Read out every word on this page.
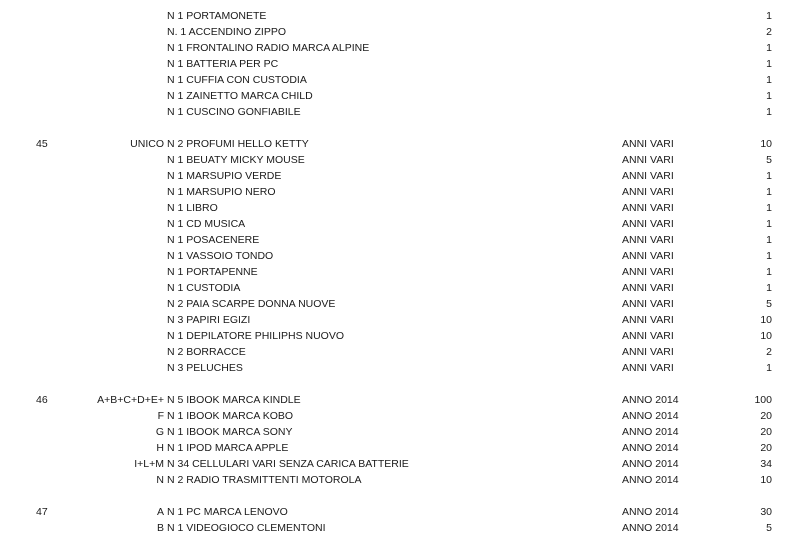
N 1 PORTAMONETE	1
N. 1 ACCENDINO ZIPPO	2
N 1 FRONTALINO RADIO MARCA ALPINE	1
N 1 BATTERIA PER PC	1
N 1 CUFFIA CON CUSTODIA	1
N 1 ZAINETTO MARCA CHILD	1
N 1 CUSCINO GONFIABILE	1
45	UNICO N 2 PROFUMI HELLO KETTY	ANNI VARI	10
N 1 BEUATY MICKY MOUSE	ANNI VARI	5
N 1 MARSUPIO VERDE	ANNI VARI	1
N 1 MARSUPIO NERO	ANNI VARI	1
N 1 LIBRO	ANNI VARI	1
N 1 CD MUSICA	ANNI VARI	1
N 1 POSACENERE	ANNI VARI	1
N 1 VASSOIO TONDO	ANNI VARI	1
N 1 PORTAPENNE	ANNI VARI	1
N 1 CUSTODIA	ANNI VARI	1
N 2 PAIA SCARPE DONNA NUOVE	ANNI VARI	5
N 3 PAPIRI EGIZI	ANNI VARI	10
N 1 DEPILATORE PHILIPHS NUOVO	ANNI VARI	10
N 2 BORRACCE	ANNI VARI	2
N 3 PELUCHES	ANNI VARI	1
46	A+B+C+D+E+ N 5 IBOOK MARCA KINDLE	ANNO 2014	100
F N 1 IBOOK MARCA KOBO	ANNO 2014	20
G N 1 IBOOK MARCA SONY	ANNO 2014	20
H N 1 IPOD MARCA APPLE	ANNO 2014	20
I+L+M N 34 CELLULARI VARI SENZA CARICA BATTERIE	ANNO 2014	34
N N 2 RADIO TRASMITTENTI MOTOROLA	ANNO 2014	10
47	A N 1 PC MARCA LENOVO	ANNO 2014	30
B N 1 VIDEOGIOCO CLEMENTONI	ANNO 2014	5
